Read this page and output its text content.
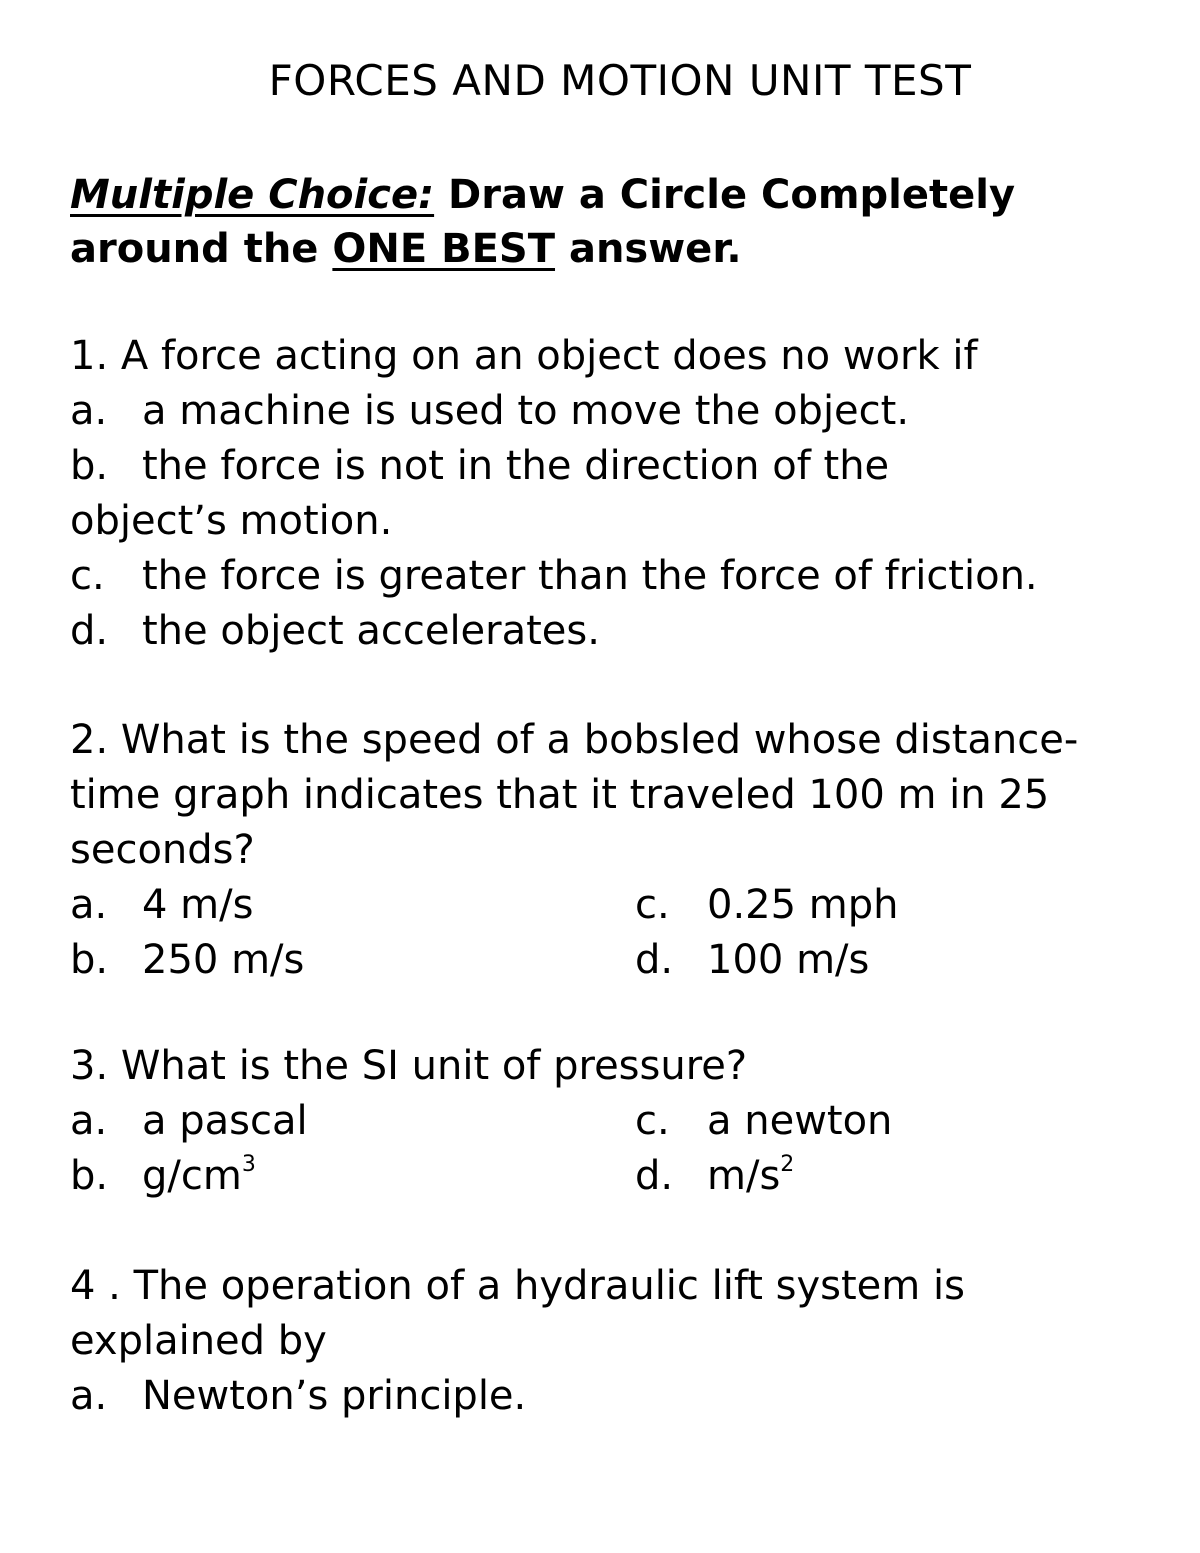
FORCES AND MOTION UNIT TEST
Multiple Choice: Draw a Circle Completely around the ONE BEST answer.
1. A force acting on an object does no work if
a. a machine is used to move the object.
b. the force is not in the direction of the
object’s motion.
c. the force is greater than the force of friction.
d. the object accelerates.
2. What is the speed of a bobsled whose distance-
time graph indicates that it traveled 100 m in 25
seconds?
a. 4 m/s	c. 0.25 mph
b. 250 m/s	d. 100 m/s
3. What is the SI unit of pressure?
a. a pascal	c. a newton
b. $g/cm^3$	d. $m/s^2$
4 . The operation of a hydraulic lift system is
explained by
a. Newton’s principle.
